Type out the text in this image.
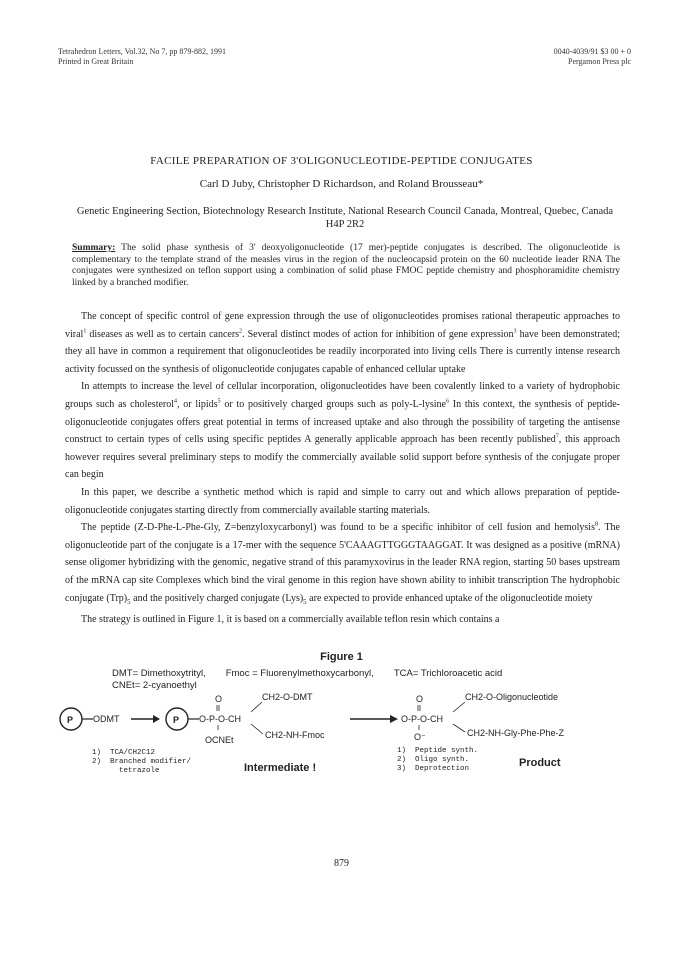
Tetrahedron Letters, Vol.32, No 7, pp 879-882, 1991
Printed in Great Britain
0040-4039/91 $3 00 + 0
Pergamon Press plc
FACILE PREPARATION OF 3'OLIGONUCLEOTIDE-PEPTIDE CONJUGATES
Carl D Juby, Christopher D Richardson, and Roland Brousseau*
Genetic Engineering Section, Biotechnology Research Institute, National Research Council Canada, Montreal, Quebec, Canada H4P 2R2
Summary: The solid phase synthesis of 3' deoxyoligonucleotide (17 mer)-peptide conjugates is described. The oligonucleotide is complementary to the template strand of the measles virus in the region of the nucleocapsid protein on the 60 nucleotide leader RNA The conjugates were synthesized on teflon support using a combination of solid phase FMOC peptide chemistry and phosphoramidite chemistry linked by a branched modifier.

The concept of specific control of gene expression through the use of oligonucleotides promises rational therapeutic approaches to viral$^1$ diseases as well as to certain cancers$^2$. Several distinct modes of action for inhibition of gene expression$^3$ have been demonstrated; they all have in common a requirement that oligonucleotides be readily incorporated into living cells There is currently intense research activity focussed on the synthesis of oligonucleotide conjugates capable of enhanced cellular uptake

In attempts to increase the level of cellular incorporation, oligonucleotides have been covalently linked to a variety of hydrophobic groups such as cholesterol$^4$, or lipids$^5$ or to positively charged groups such as poly-L-lysine$^6$ In this context, the synthesis of peptide-oligonucleotide conjugates offers great potential in terms of increased uptake and also through the possibility of targeting the antisense construct to certain types of cells using specific peptides A generally applicable approach has been recently published$^7$, this approach however requires several preliminary steps to modify the commercially available solid support before synthesis of the conjugate proper can begin

In this paper, we describe a synthetic method which is rapid and simple to carry out and which allows preparation of peptide-oligonucleotide conjugates starting directly from commercially available starting materials.

The peptide (Z-D-Phe-L-Phe-Gly, Z=benzyloxycarbonyl) was found to be a specific inhibitor of cell fusion and hemolysis$^8$. The oligonucleotide part of the conjugate is a 17-mer with the sequence 5'CAAAGTTGGGTAAGGAT. It was designed as a positive (mRNA) sense oligomer hybridizing with the genomic, negative strand of this paramyxovirus in the leader RNA region, starting 50 bases upstream of the mRNA cap site Complexes which bind the viral genome in this region have shown ability to inhibit transcription The hydrophobic conjugate $(Trp)_5$ and the positively charged conjugate $(Lys)_5$ are expected to provide enhanced uptake of the oligonucleotide moiety

The strategy is outlined in Figure 1, it is based on a commercially available teflon resin which contains a

Figure 1
DMT= Dimethoxytrityl, Fmoc = Fluorenylmethoxycarbonyl, TCA= Trichloroacetic acid
CNEt= 2-cyanoethyl
P ODMT	P
O
O-P-O-CH
CH2-O-DMT
CH2-NH-Fmoc
OCNEt
O
O-P-O-CH
CH2-O-Oligonucleotide
CH2-NH-Gly-Phe-Phe-Z
O⁻
1)  TCA/CH2C12
2)  Branched modifier/
tetrazole	Intermediate !
1)  Peptide synth.
2)  Oligo synth.
3)  Deprotection	Product
879
